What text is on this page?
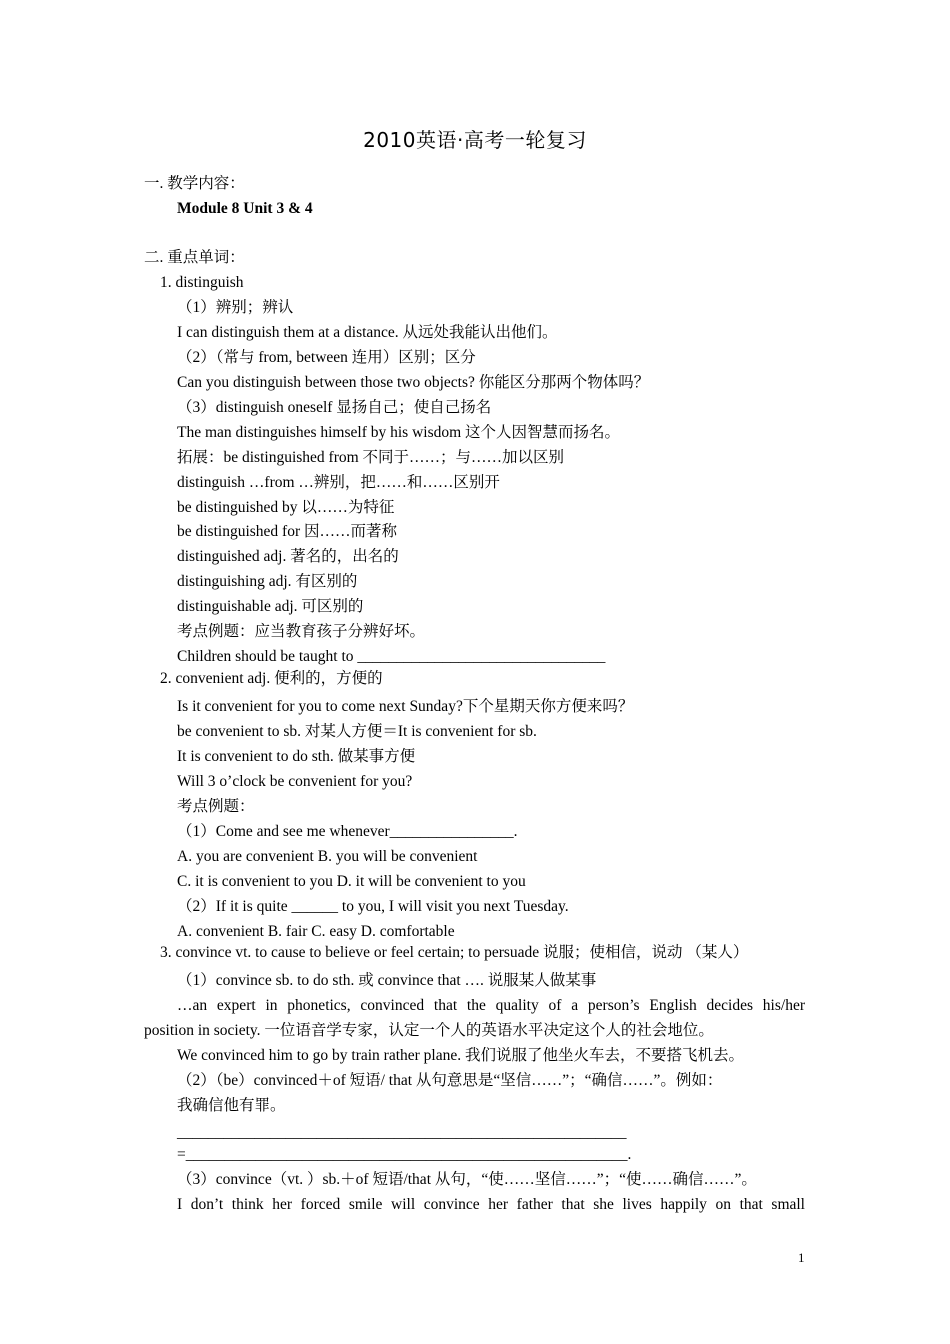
2010英语·高考一轮复习
一. 教学内容：
Module 8 Unit 3 & 4
二. 重点单词：
1. distinguish
（1）辨别；辨认
I can distinguish them at a distance. 从远处我能认出他们。
（2）（常与 from, between 连用）区别；区分
Can you distinguish between those two objects? 你能区分那两个物体吗？
（3）distinguish oneself 显扬自己；使自己扬名
The man distinguishes himself by his wisdom 这个人因智慧而扬名。
拓展：be distinguished from 不同于……；与……加以区别
distinguish …from …辨别，把……和……区别开
be distinguished by 以……为特征
be distinguished for 因……而著称
distinguished adj. 著名的，出名的
distinguishing adj. 有区别的
distinguishable adj. 可区别的
考点例题：应当教育孩子分辨好坏。
Children should be taught to ________________________________
2. convenient adj. 便利的，方便的
Is it convenient for you to come next Sunday?下个星期天你方便来吗？
be convenient to sb. 对某人方便＝It is convenient for sb.
It is convenient to do sth. 做某事方便
Will 3 o’clock be convenient for you?
考点例题：
（1）Come and see me whenever________________.
A. you are convenient B. you will be convenient
C. it is convenient to you D. it will be convenient to you
（2）If it is quite ______ to you, I will visit you next Tuesday.
A. convenient B. fair C. easy D. comfortable
3. convince vt. to cause to believe or feel certain; to persuade 说服；使相信，说动 （某人）
（1）convince sb. to do sth. 或 convince that …. 说服某人做某事
…an expert in phonetics, convinced that the quality of a person’s English decides his/her
position in society. 一位语音学专家，认定一个人的英语水平决定这个人的社会地位。
We convinced him to go by train rather plane. 我们说服了他坐火车去，不要搭飞机去。
（2）（be）convinced＋of 短语/ that 从句意思是“坚信……”；“确信……”。例如：
我确信他有罪。
__________________________________________________________
=_________________________________________________________.
（3）convince（vt. ）sb.＋of 短语/that 从句，“使……坚信……”；“使……确信……”。
I don’t think her forced smile will convince her father that she lives happily on that small
1
